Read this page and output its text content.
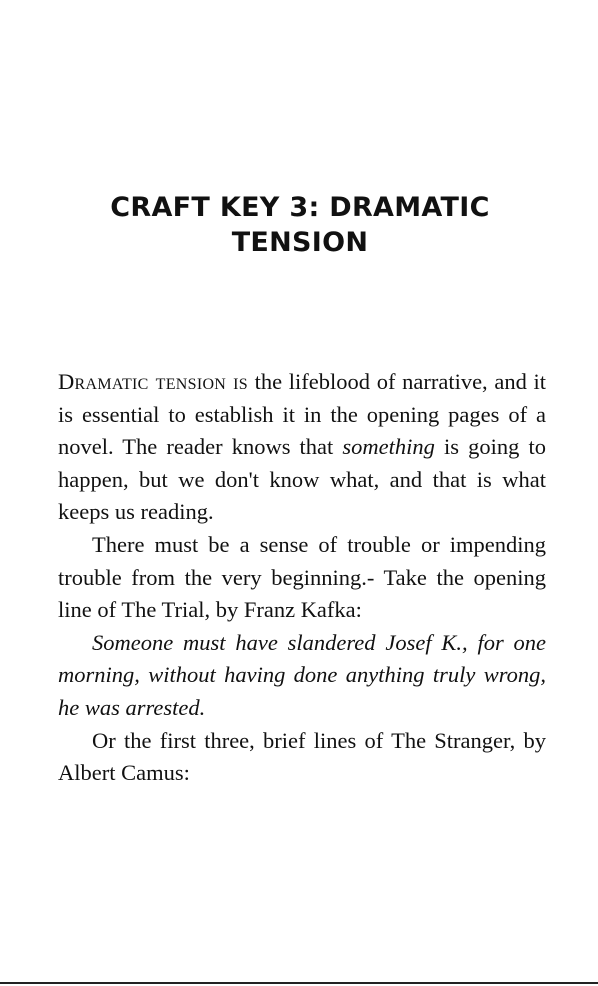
CRAFT KEY 3: DRAMATIC TENSION

Dramatic tension is the lifeblood of narrative, and it is essential to establish it in the opening pages of a novel. The reader knows that something is going to happen, but we don't know what, and that is what keeps us reading.

There must be a sense of trouble or impending trouble from the very beginning.- Take the opening line of The Trial, by Franz Kafka:

Someone must have slandered Josef K., for one morning, without having done anything truly wrong, he was arrested.

Or the first three, brief lines of The Stranger, by Albert Camus:
